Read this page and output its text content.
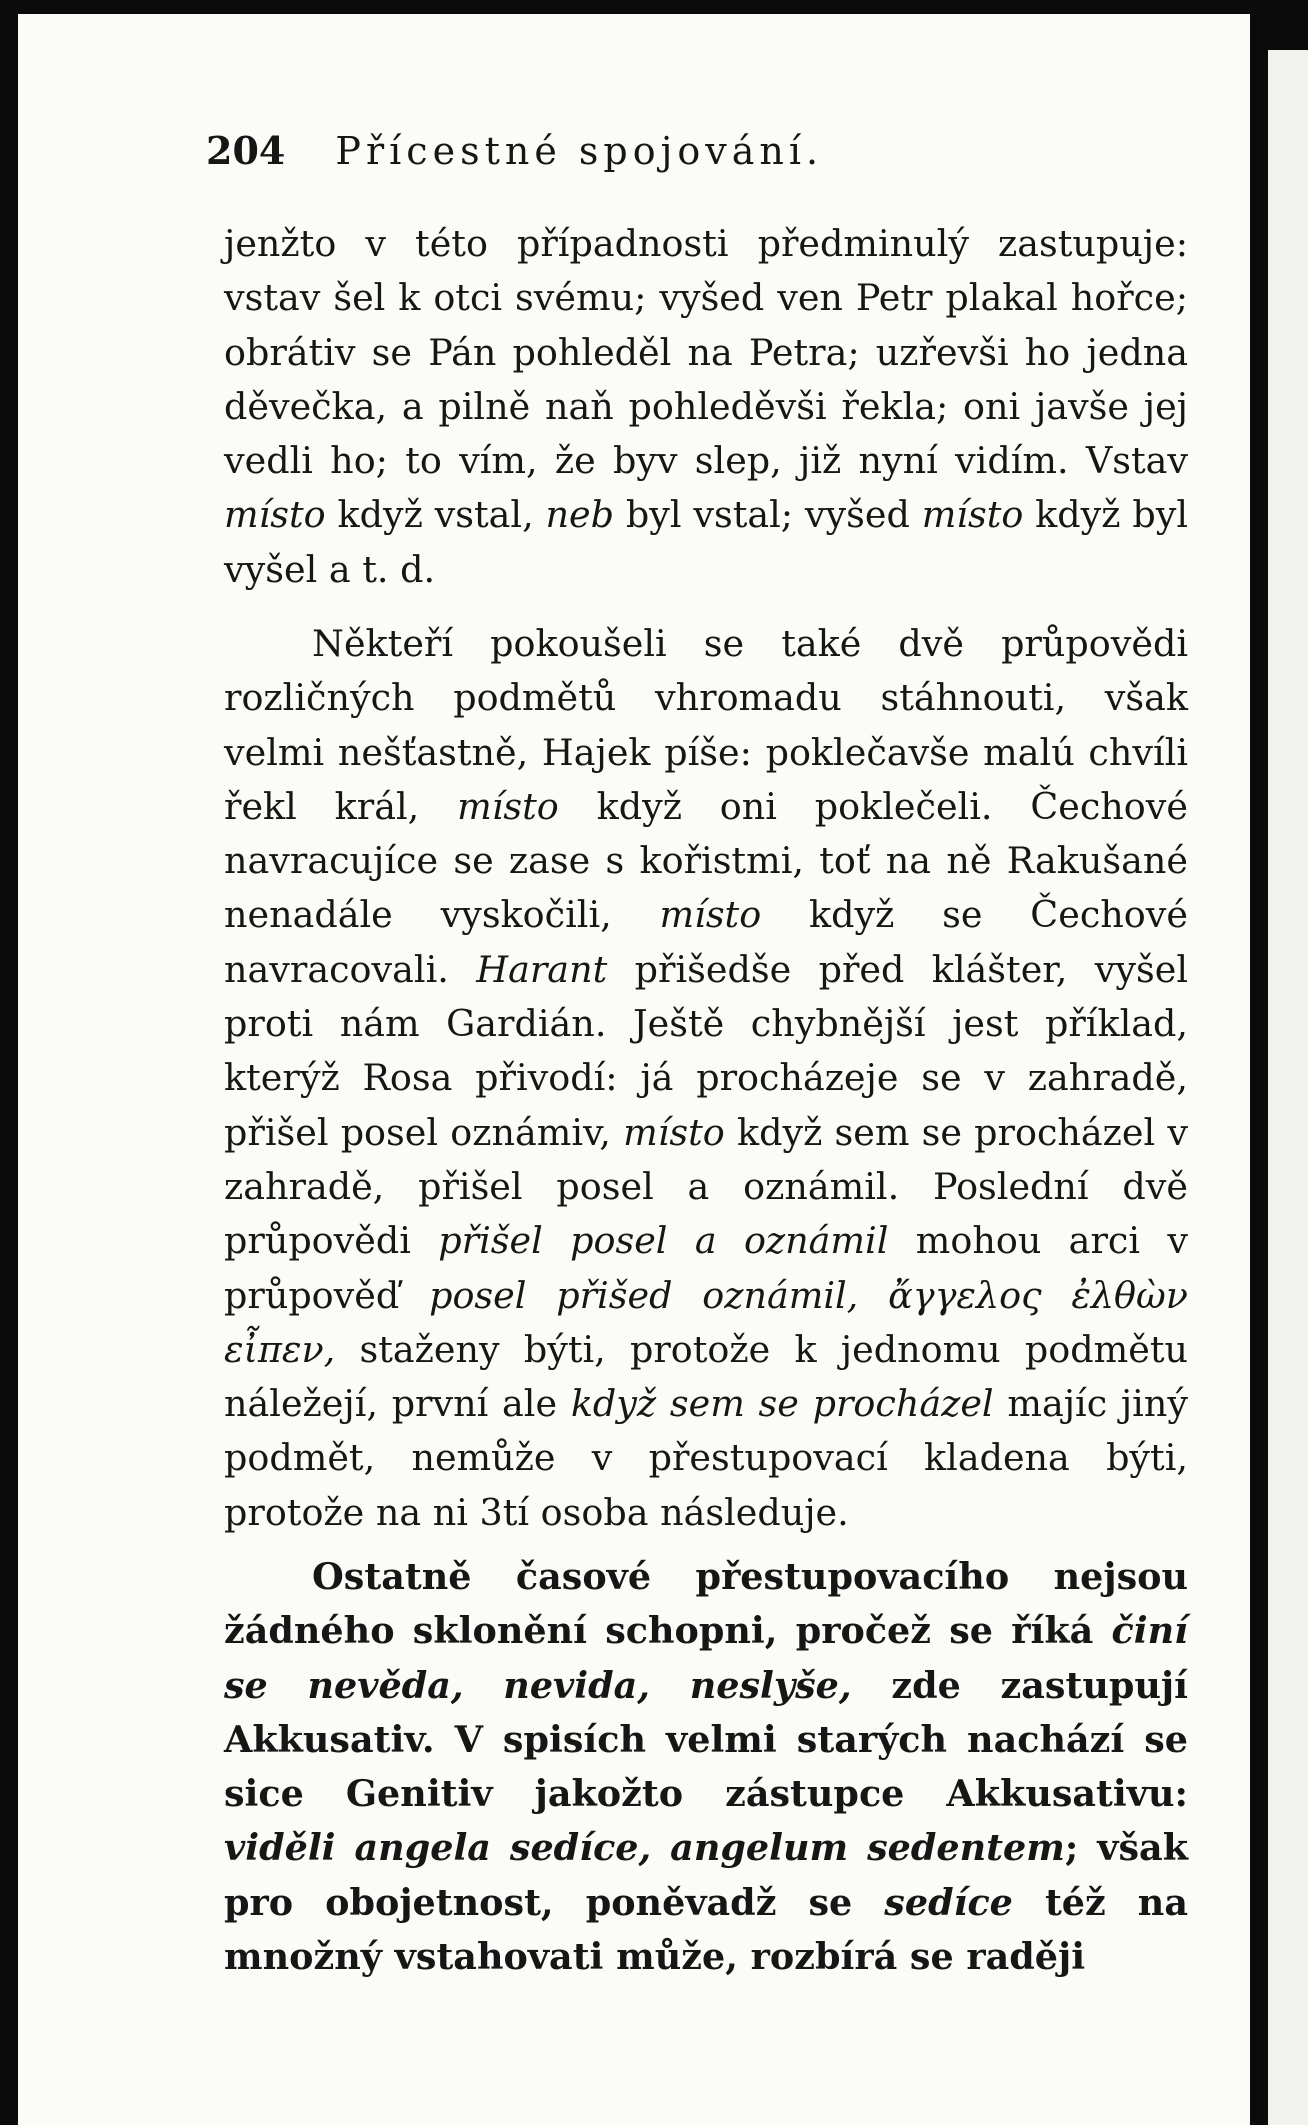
204 Přícestné spojování.

jenžto v této případnosti předminulý zastupuje: vstav šel k otci svému; vyšed ven Petr plakal hořce; obrátiv se Pán pohleděl na Petra; uzřevši ho jedna děvečka, a pilně naň pohleděvši řekla; oni javše jej vedli ho; to vím, že byv slep, již nyní vidím. Vstav místo když vstal, neb byl vstal; vyšed místo když byl vyšel a t. d.

Někteří pokoušeli se také dvě průpovědi rozličných podmětů vhromadu stáhnouti, však velmi nešťastně, Hajek píše: poklečavše malú chvíli řekl král, místo když oni poklečeli. Čechové navracujíce se zase s kořistmi, toť na ně Rakušané nenadále vyskočili, místo když se Čechové navracovali. Harant přišedše před klášter, vyšel proti nám Gardián. Ještě chybnější jest příklad, kterýž Rosa přivodí: já procházeje se v zahradě, přišel posel oznámiv, místo když sem se procházel v zahradě, přišel posel a oznámil. Poslední dvě průpovědi přišel posel a oznámil mohou arci v průpověď posel přišed oznámil, ἄγγελος ἐλθὼν εἶπεν, staženy býti, protože k jednomu podmětu náležejí, první ale když sem se procházel majíc jiný podmět, nemůže v přestupovací kladena býti, protože na ni 3tí osoba následuje.

Ostatně časové přestupovacího nejsou žádného sklonění schopni, pročež se říká činí se nevěda, nevida, neslyše, zde zastupují Akkusativ. V spisích velmi starých nachází se sice Genitiv jakožto zástupce Akkusativu: viděli angela sedíce, angelum sedentem; však pro obojetnost, poněvadž se sedíce též na množný vstahovati může, rozbírá se raději
